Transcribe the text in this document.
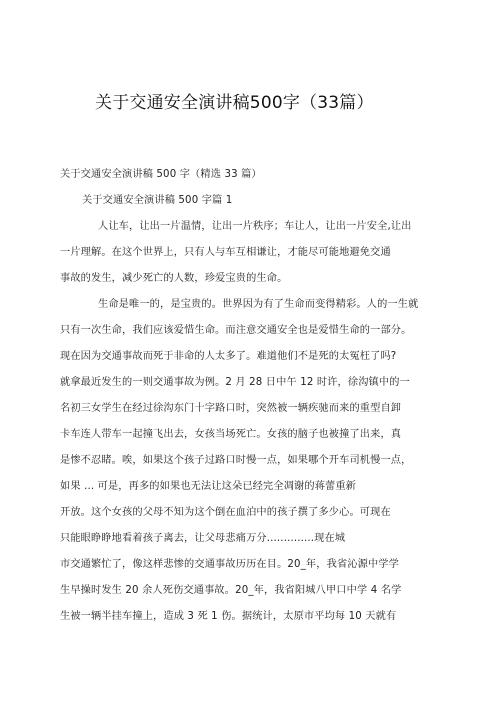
关于交通安全演讲稿500字（33篇）
关于交通安全演讲稿 500 字（精选 33 篇）
关于交通安全演讲稿 500 字篇 1
人让车，让出一片温情，让出一片秩序；车让人，让出一片安全,让出
一片理解。在这个世界上，只有人与车互相谦让，才能尽可能地避免交通
事故的发生，减少死亡的人数，珍爱宝贵的生命。
生命是唯一的，是宝贵的。世界因为有了生命而变得精彩。人的一生就
只有一次生命，我们应该爱惜生命。而注意交通安全也是爱惜生命的一部分。
现在因为交通事故而死于非命的人太多了。难道他们不是死的太冤枉了吗?
就拿最近发生的一则交通事故为例。2 月 28 日中午 12 时许，徐沟镇中的一
名初三女学生在经过徐沟东门十字路口时，突然被一辆疾驰而来的重型自卸
卡车连人带车一起撞飞出去，女孩当场死亡。女孩的脑子也被撞了出来，真
是惨不忍睹。唉，如果这个孩子过路口时慢一点，如果哪个开车司机慢一点，
如果 ... 可是，再多的如果也无法让这朵已经完全凋谢的蒋蕾重新
开放。这个女孩的父母不知为这个倒在血泊中的孩子撰了多少心。可现在
只能眼睁睁地看着孩子离去，让父母悲痛万分..............现在城
市交通繁忙了，像这样悲惨的交通事故历历在目。20_年，我省沁源中学学
生早操时发生 20 余人死伤交通事故。20_年，我省阳城八甲口中学 4 名学
生被一辆半挂车撞上，造成 3 死 1 伤。据统计，太原市平均每 10 天就有
